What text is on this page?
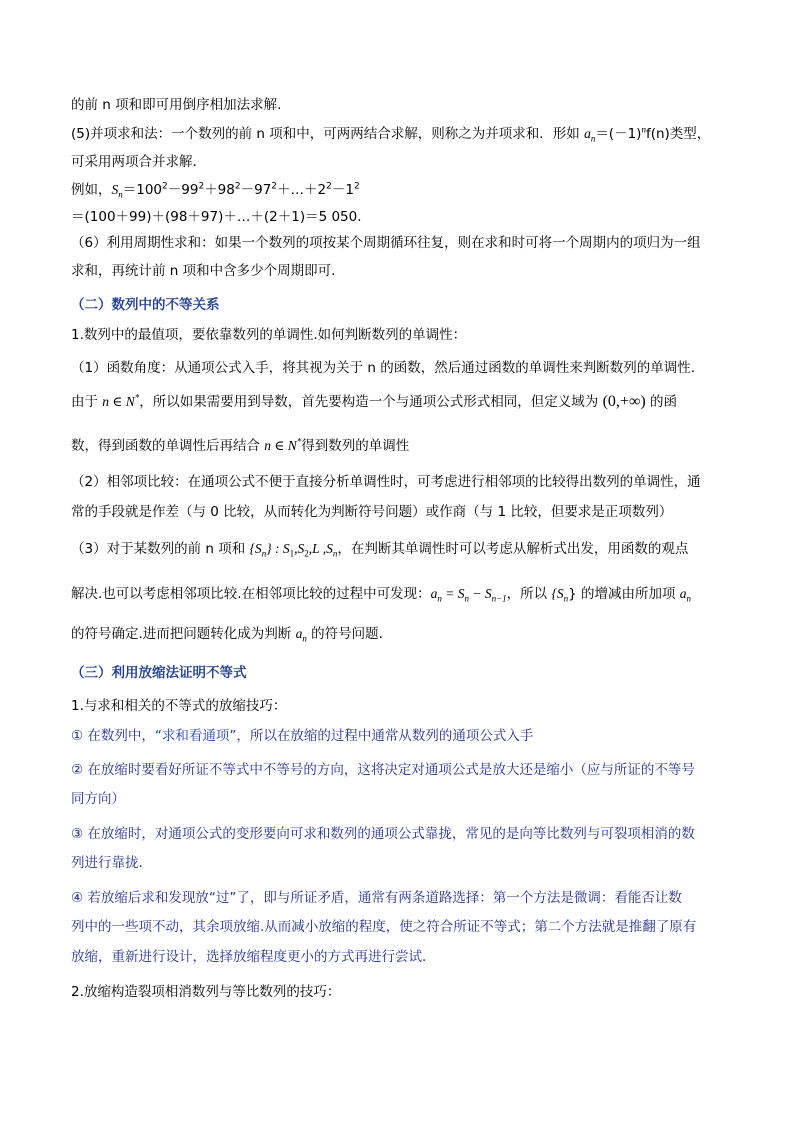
的前 n 项和即可用倒序相加法求解．
(5)并项求和法：一个数列的前 n 项和中，可两两结合求解，则称之为并项求和．形如 $a_n=(-1)^nf(n)$类型，
可采用两项合并求解．
例如，$S_n=100^2-99^2+98^2-97^2+\dots+2^2-1^2$
＝(100＋99)＋(98＋97)＋…＋(2＋1)＝5 050.
（6）利用周期性求和：如果一个数列的项按某个周期循环往复，则在求和时可将一个周期内的项归为一组
求和，再统计前 n 项和中含多少个周期即可.
（二）数列中的不等关系
1.数列中的最值项，要依靠数列的单调性.如何判断数列的单调性：
（1）函数角度：从通项公式入手，将其视为关于 n 的函数，然后通过函数的单调性来判断数列的单调性.
由于 n ∈ N*，所以如果需要用到导数，首先要构造一个与通项公式形式相同，但定义域为 (0,+∞) 的函
数，得到函数的单调性后再结合 n ∈ N*得到数列的单调性
（2）相邻项比较：在通项公式不便于直接分析单调性时，可考虑进行相邻项的比较得出数列的单调性，通
常的手段就是作差（与 0 比较，从而转化为判断符号问题）或作商（与 1 比较，但要求是正项数列）
（3）对于某数列的前 n 项和 $\{S_n\}$ : $S_1,S_2,L$ $,S_n$，在判断其单调性时可以考虑从解析式出发，用函数的观点
解决.也可以考虑相邻项比较.在相邻项比较的过程中可发现：$a_n = S_n - S_{n-1}$，所以 $\{S_n\}$ 的增减由所加项 $a_n$
的符号确定.进而把问题转化成为判断 $a_n$ 的符号问题.
（三）利用放缩法证明不等式
1.与求和相关的不等式的放缩技巧：
① 在数列中，“求和看通项”，所以在放缩的过程中通常从数列的通项公式入手
② 在放缩时要看好所证不等式中不等号的方向，这将决定对通项公式是放大还是缩小（应与所证的不等号
同方向）
③ 在放缩时，对通项公式的变形要向可求和数列的通项公式靠拢，常见的是向等比数列与可裂项相消的数
列进行靠拢.
④ 若放缩后求和发现放“过”了，即与所证矛盾，通常有两条道路选择：第一个方法是微调：看能否让数
列中的一些项不动，其余项放缩.从而减小放缩的程度，使之符合所证不等式；第二个方法就是推翻了原有
放缩，重新进行设计，选择放缩程度更小的方式再进行尝试.
2.放缩构造裂项相消数列与等比数列的技巧：
